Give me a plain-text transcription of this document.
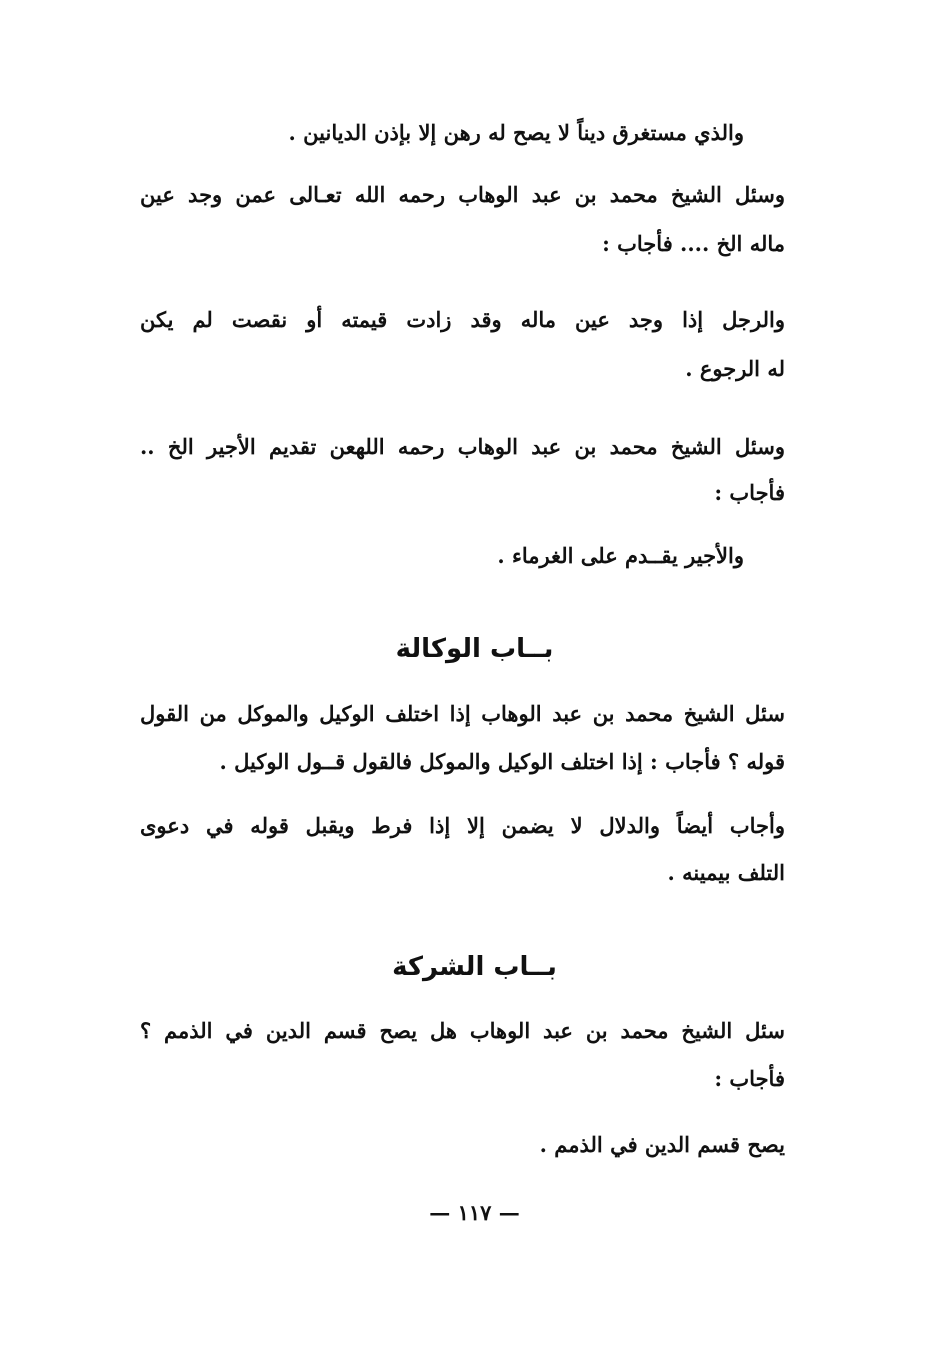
والذي مستغرق ديناً لا يصح له رهن إلا بإذن الديانين .
وسئل الشيخ محمد بن عبد الوهاب رحمه الله تعـالى عمن وجد عين
ماله الخ .... فأجاب :
والرجل إذا وجد عين ماله وقد زادت قيمته أو نقصت لم يكن
له الرجوع .
وسئل الشيخ محمد بن عبد الوهاب رحمه اللهعن تقديم الأجير الخ ..
فأجاب :
والأجير يقــدم على الغرماء .
بــاب الوكالة
سئل الشيخ محمد بن عبد الوهاب إذا اختلف الوكيل والموكل من القول
قوله ؟ فأجاب : إذا اختلف الوكيل والموكل فالقول قــول الوكيل .
وأجاب أيضاً والدلال لا يضمن إلا إذا فرط ويقبل قوله في دعوى
التلف بيمينه .
بــاب الشركة
سئل الشيخ محمد بن عبد الوهاب هل يصح قسم الدين في الذمم ؟
فأجاب :
يصح قسم الدين في الذمم .
— ١١٧ —
